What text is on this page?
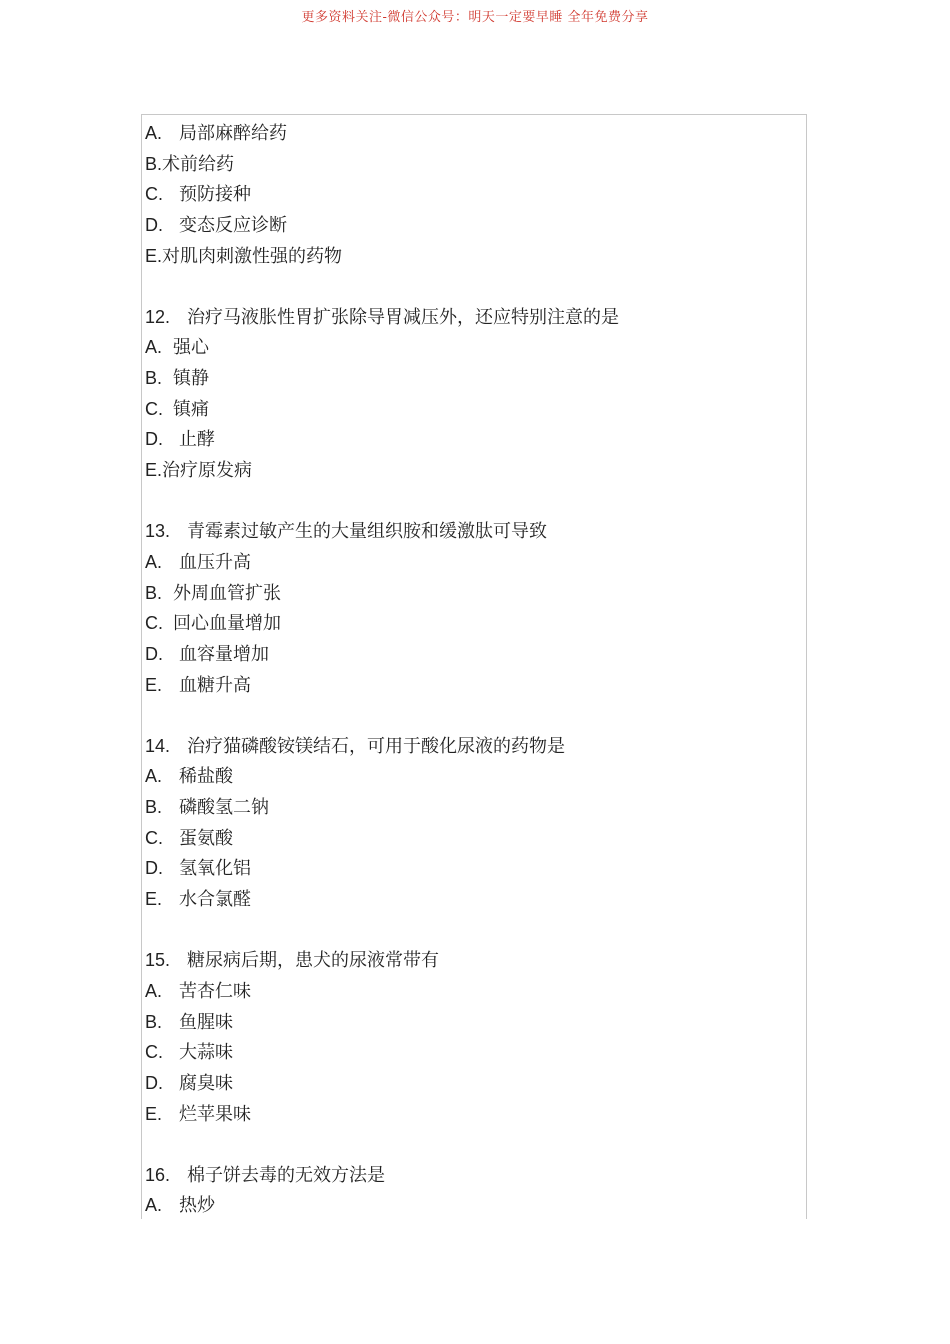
更多资料关注-微信公众号：明天一定要早睡 全年免费分享
A. 局部麻醉给药
B.术前给药
C. 预防接种
D. 变态反应诊断
E.对肌肉刺激性强的药物
12. 治疗马液胀性胃扩张除导胃减压外，还应特别注意的是
A. 强心
B. 镇静
C. 镇痛
D. 止酵
E.治疗原发病
13. 青霉素过敏产生的大量组织胺和缓激肽可导致
A. 血压升高
B. 外周血管扩张
C. 回心血量增加
D. 血容量增加
E. 血糖升高
14. 治疗猫磷酸铵镁结石，可用于酸化尿液的药物是
A. 稀盐酸
B. 磷酸氢二钠
C. 蛋氨酸
D. 氢氧化铝
E. 水合氯醛
15. 糖尿病后期，患犬的尿液常带有
A. 苦杏仁味
B. 鱼腥味
C. 大蒜味
D. 腐臭味
E. 烂苹果味
16. 棉子饼去毒的无效方法是
A. 热炒
